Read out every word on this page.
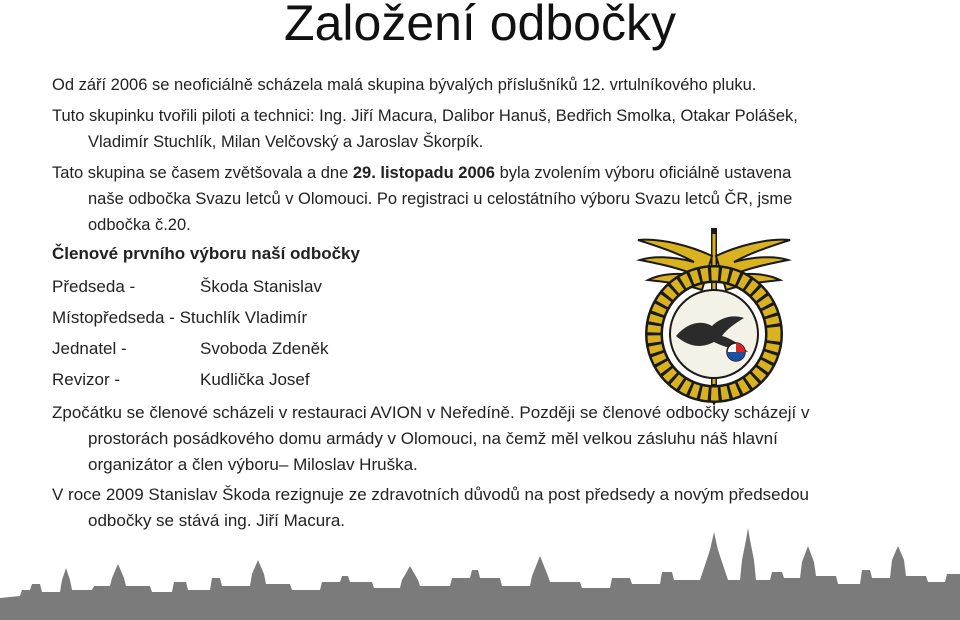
Založení odbočky
Od září 2006 se neoficiálně scházela malá skupina bývalých příslušníků 12. vrtulníkového pluku.
Tuto skupinku tvořili piloti a technici: Ing. Jiří Macura, Dalibor Hanuš, Bedřich Smolka, Otakar Polášek,
Vladimír Stuchlík, Milan Velčovský a Jaroslav Škorpík.
Tato skupina se časem zvětšovala a dne 29. listopadu 2006 byla zvolením výboru oficiálně ustavena
naše odbočka Svazu letců v Olomouci. Po registraci u celostátního výboru Svazu letců ČR, jsme
odbočka č.20.
Členové prvního výboru naší odbočky
Předseda -	Škoda Stanislav
Místopředseda - Stuchlík Vladimír
Jednatel -	Svoboda Zdeněk
Revizor -	Kudlička Josef
Zpočátku se členové scházeli v restauraci AVION v Neředíně. Později se členové odbočky scházejí v
prostorách posádkového domu armády v Olomouci, na čemž měl velkou zásluhu náš hlavní
organizátor a člen výboru– Miloslav Hruška.
V roce 2009 Stanislav Škoda rezignuje ze zdravotních důvodů na post předsedy a novým předsedou
odbočky se stává ing. Jiří Macura.
